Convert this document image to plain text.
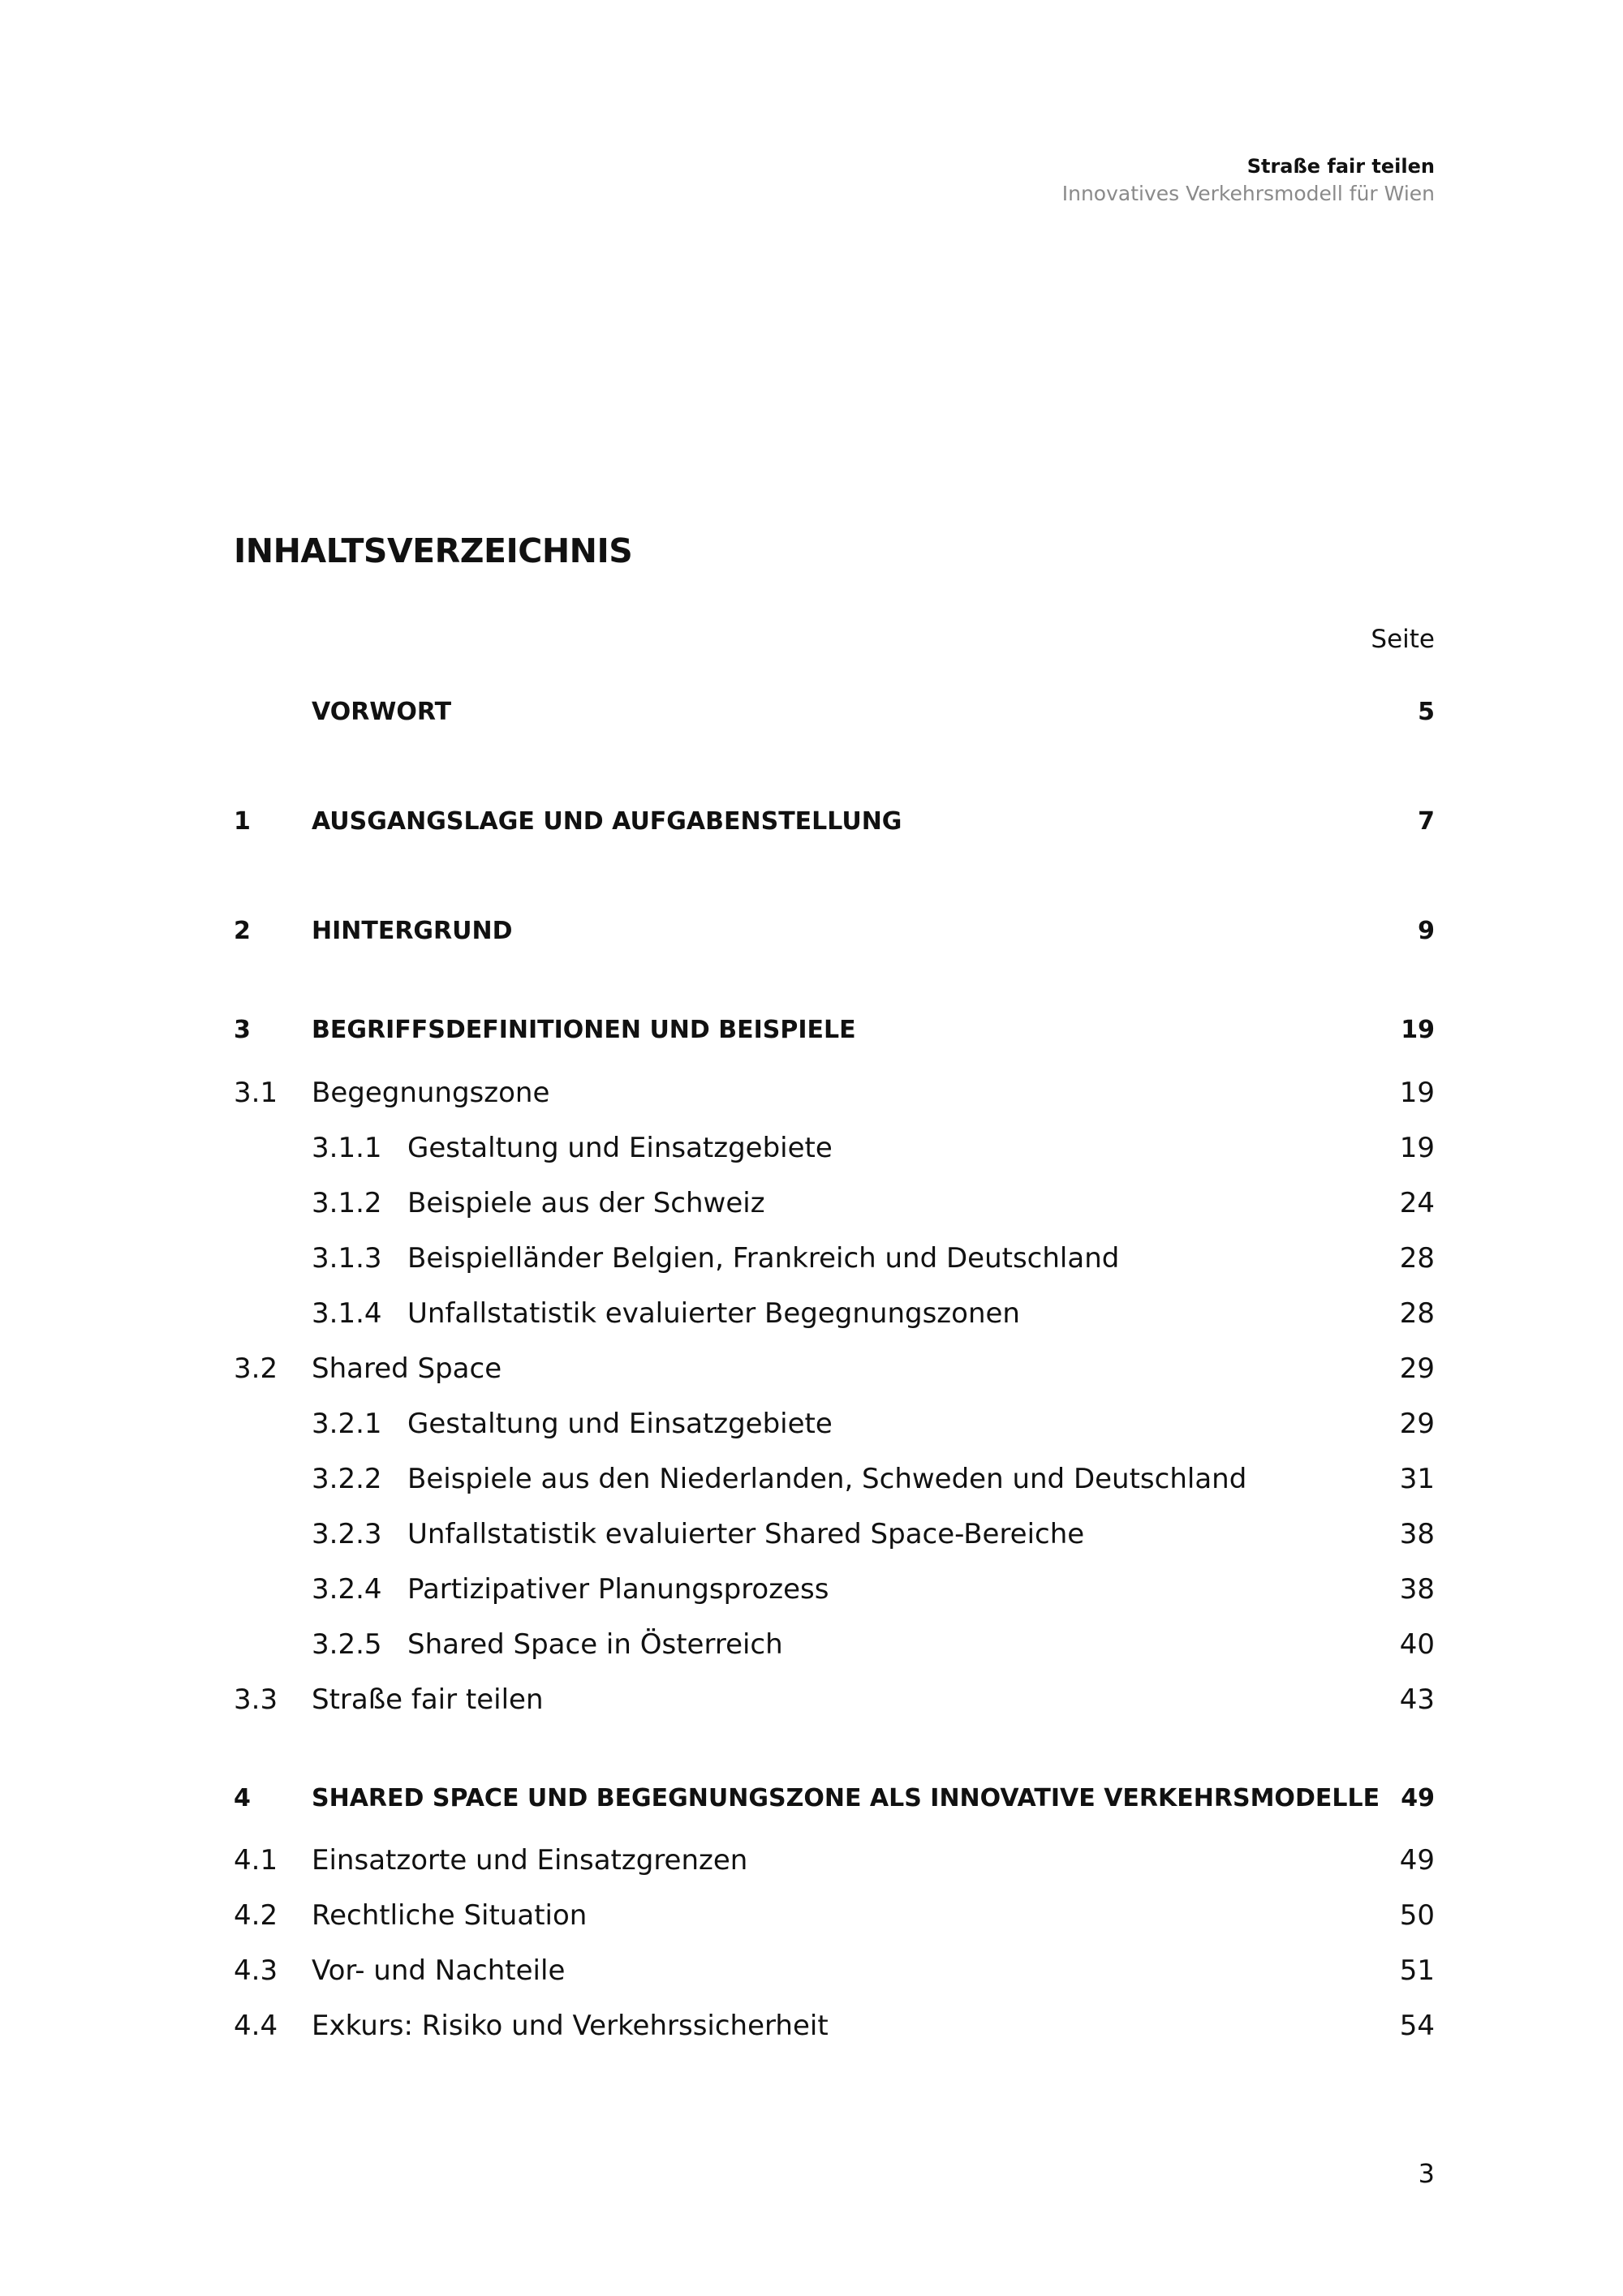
Straße fair teilen
Innovatives Verkehrsmodell für Wien
INHALTSVERZEICHNIS
Seite
VORWORT	5
1	AUSGANGSLAGE UND AUFGABENSTELLUNG	7
2	HINTERGRUND	9
3	BEGRIFFSDEFINITIONEN UND BEISPIELE	19
3.1 Begegnungszone	19
3.1.1 Gestaltung und Einsatzgebiete	19
3.1.2 Beispiele aus der Schweiz	24
3.1.3 Beispielländer Belgien, Frankreich und Deutschland	28
3.1.4 Unfallstatistik evaluierter Begegnungszonen	28
3.2 Shared Space	29
3.2.1 Gestaltung und Einsatzgebiete	29
3.2.2 Beispiele aus den Niederlanden, Schweden und Deutschland	31
3.2.3 Unfallstatistik evaluierter Shared Space-Bereiche	38
3.2.4 Partizipativer Planungsprozess	38
3.2.5 Shared Space in Österreich	40
3.3 Straße fair teilen	43
4	SHARED SPACE UND BEGEGNUNGSZONE ALS INNOVATIVE VERKEHRSMODELLE 49
4.1 Einsatzorte und Einsatzgrenzen	49
4.2 Rechtliche Situation	50
4.3 Vor- und Nachteile	51
4.4 Exkurs: Risiko und Verkehrssicherheit	54
3
